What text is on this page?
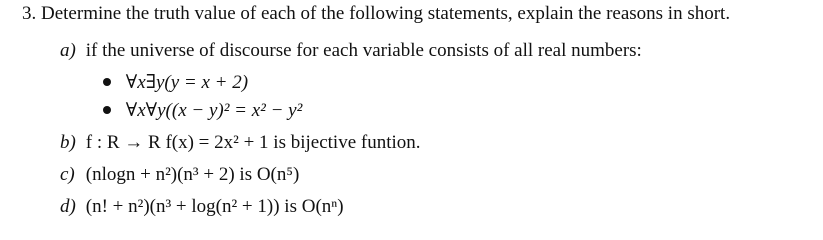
3. Determine the truth value of each of the following statements, explain the reasons in short.
a) if the universe of discourse for each variable consists of all real numbers:
∀x∃y(y = x + 2)
∀x∀y((x − y)² = x² − y²
b) f : R → R f(x) = 2x² + 1 is bijective funtion.
c) (nlogn + n²)(n³ + 2) is O(n⁵)
d) (n! + n²)(n³ + log(n² + 1)) is O(nⁿ)
